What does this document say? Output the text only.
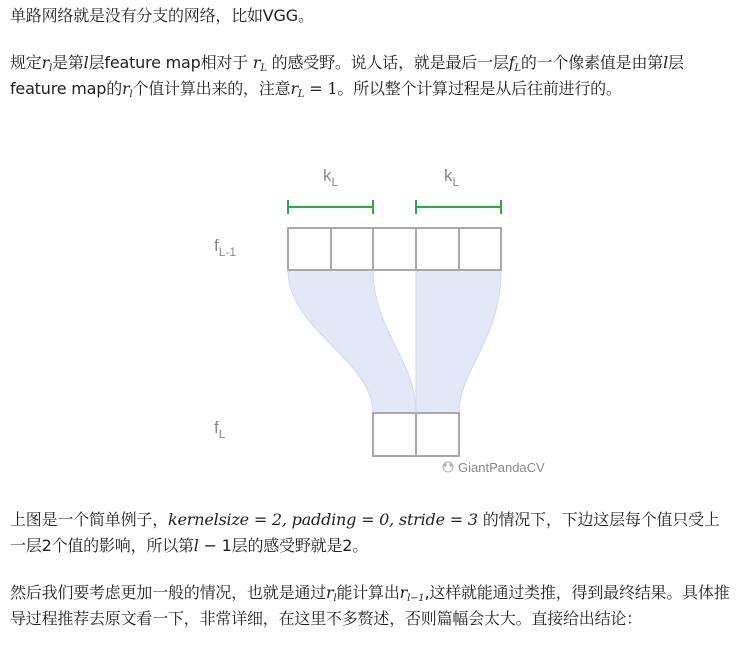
单路网络就是没有分支的网络，比如VGG。
规定$r_l$是第l层feature map相对于 $r_L$ 的感受野。说人话，就是最后一层$f_L$的一个像素值是由第l层feature map的$r_l$个值计算出来的，注意$r_L = 1$。所以整个计算过程是从后往前进行的。
$k_L$	$k_L$
$f_{L-1}$
$f_L$
GiantPandaCV
上图是一个简单例子，kernelsize = 2, padding = 0, stride = 3 的情况下，下边这层每个值只受上一层2个值的影响，所以第l − 1层的感受野就是2。
然后我们要考虑更加一般的情况，也就是通过$r_l$能计算出$r_{l-1}$,这样就能通过类推，得到最终结果。具体推导过程推荐去原文看一下，非常详细，在这里不多赘述，否则篇幅会太大。直接给出结论：
